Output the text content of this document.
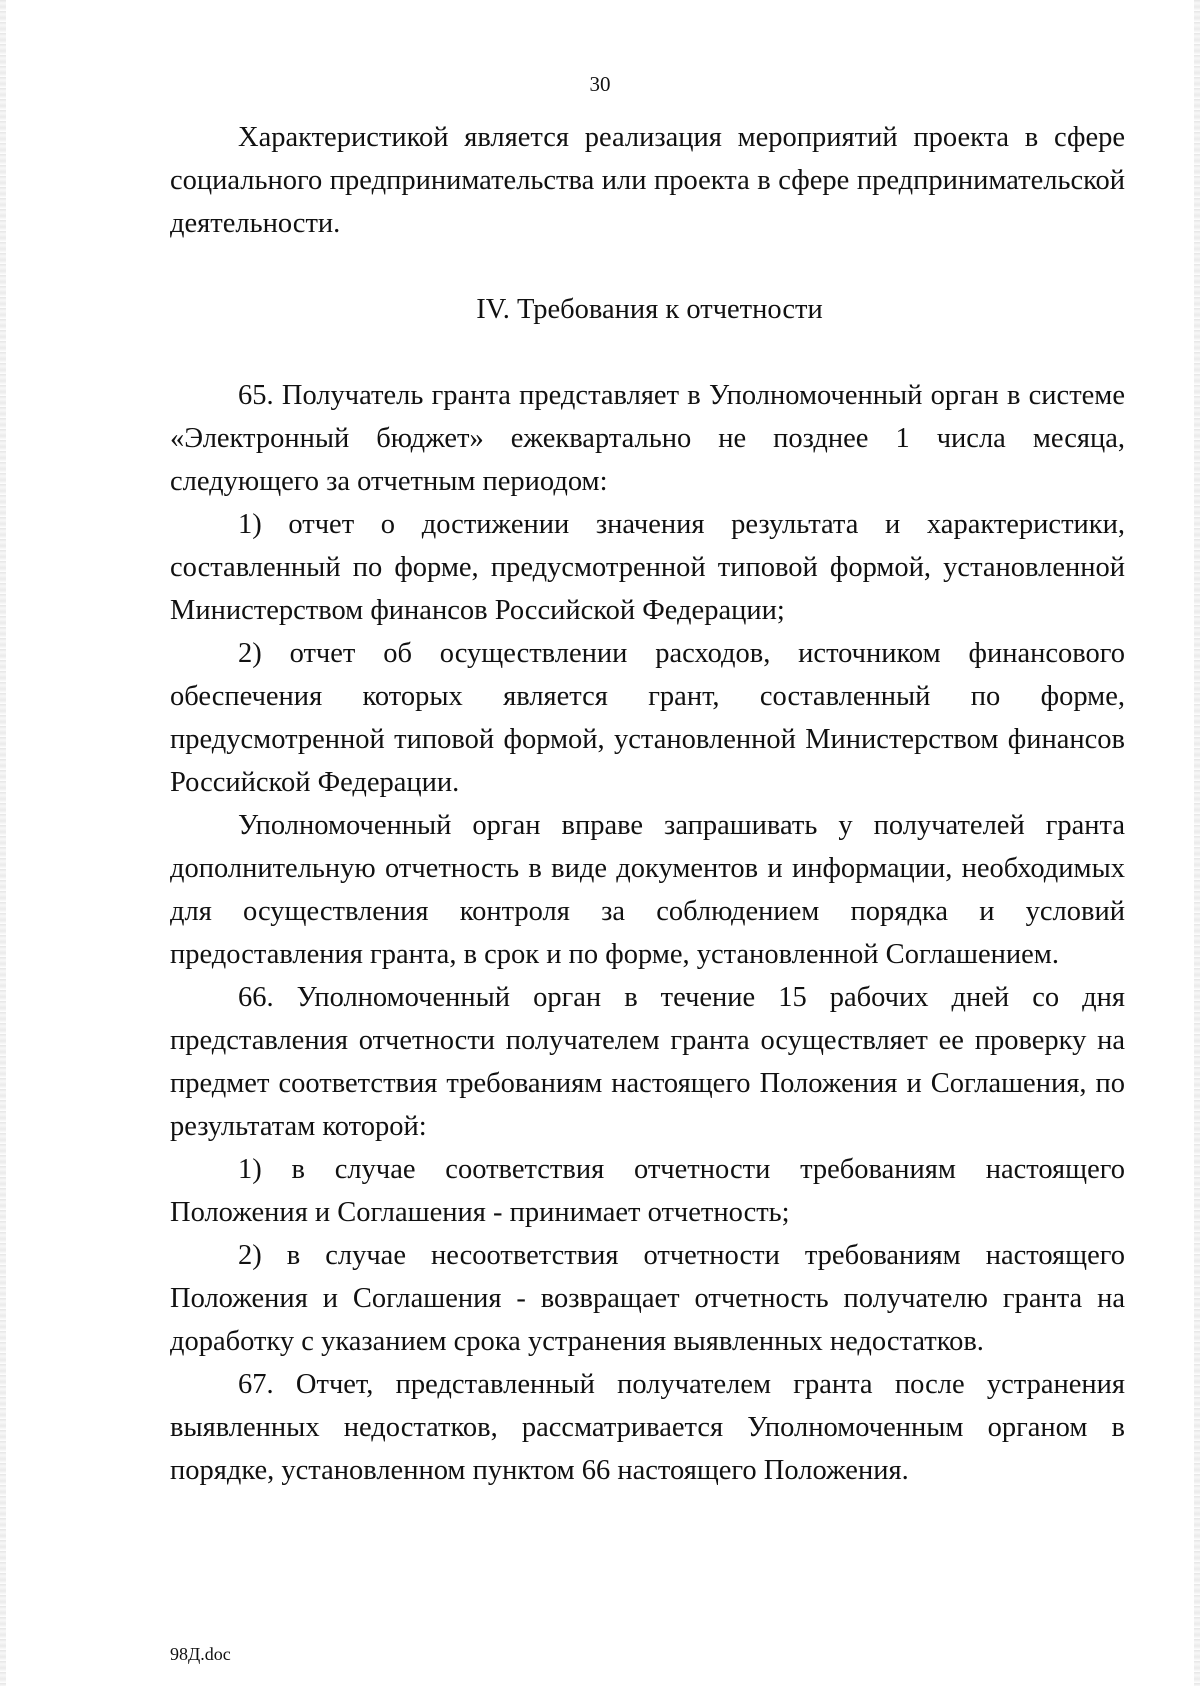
30

Характеристикой является реализация мероприятий проекта в сфере социального предпринимательства или проекта в сфере предпринимательской деятельности.

IV. Требования к отчетности

65. Получатель гранта представляет в Уполномоченный орган в системе «Электронный бюджет» ежеквартально не позднее 1 числа месяца, следующего за отчетным периодом:

1) отчет о достижении значения результата и характеристики, составленный по форме, предусмотренной типовой формой, установленной Министерством финансов Российской Федерации;

2) отчет об осуществлении расходов, источником финансового обеспечения которых является грант, составленный по форме, предусмотренной типовой формой, установленной Министерством финансов Российской Федерации.

Уполномоченный орган вправе запрашивать у получателей гранта дополнительную отчетность в виде документов и информации, необходимых для осуществления контроля за соблюдением порядка и условий предоставления гранта, в срок и по форме, установленной Соглашением.

66. Уполномоченный орган в течение 15 рабочих дней со дня представления отчетности получателем гранта осуществляет ее проверку на предмет соответствия требованиям настоящего Положения и Соглашения, по результатам которой:

1) в случае соответствия отчетности требованиям настоящего Положения и Соглашения - принимает отчетность;

2) в случае несоответствия отчетности требованиям настоящего Положения и Соглашения - возвращает отчетность получателю гранта на доработку с указанием срока устранения выявленных недостатков.

67. Отчет, представленный получателем гранта после устранения выявленных недостатков, рассматривается Уполномоченным органом в порядке, установленном пунктом 66 настоящего Положения.

98Д.doc
